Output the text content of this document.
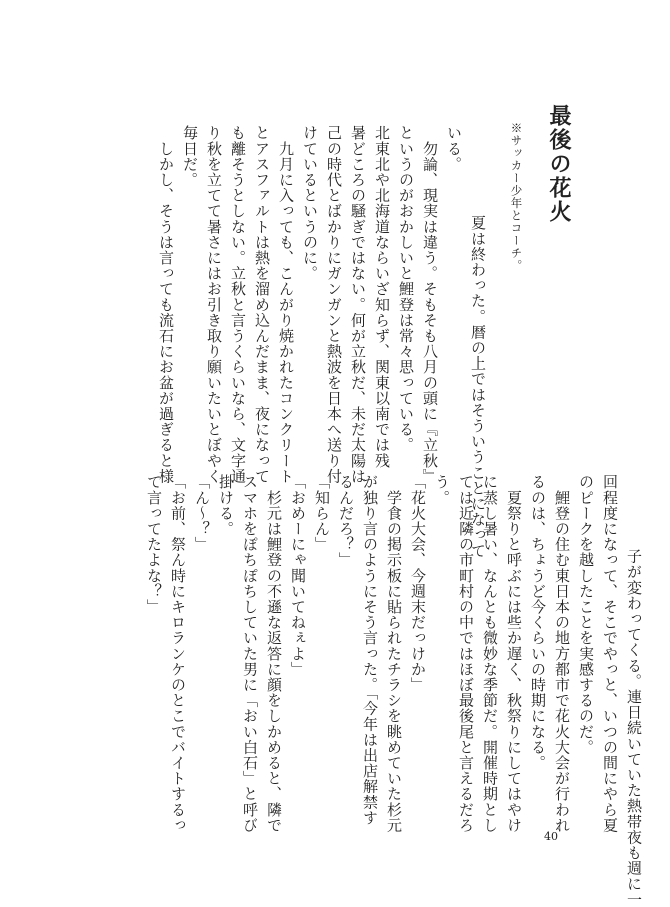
最後の花火
※サッカー少年とコーチ。

　夏は終わった。暦の上ではそういうことになって
いる。
　勿論、現実は違う。そもそも八月の頭に『立秋』
というのがおかしいと鯉登は常々思っている。
北東北や北海道ならいざ知らず、関東以南では残
暑どころの騒ぎではない。何が立秋だ、未だ太陽は
己の時代とばかりにガンガンと熱波を日本へ送り付
けているというのに。
　九月に入っても、こんがり焼かれたコンクリート
とアスファルトは熱を溜め込んだまま、夜になって
も離そうとしない。立秋と言うくらいなら、文字通
り秋を立てて暑さにはお引き取り願いたいとぼやく
毎日だ。
　しかし、そうは言っても流石にお盆が過ぎると様

子が変わってくる。連日続いていた熱帯夜も週に一
回程度になって、そこでやっと、いつの間にやら夏
のピークを越したことを実感するのだ。
　鯉登の住む東日本の地方都市で花火大会が行われ
るのは、ちょうど今くらいの時期になる。
　夏祭りと呼ぶには些か遅く、秋祭りにしてはやけ
に蒸し暑い、なんとも微妙な季節だ。開催時期とし
ては近隣の市町村の中ではほぼ最後尾と言えるだろ
う。
「花火大会、今週末だっけか」
　学食の掲示板に貼られたチラシを眺めていた杉元
が独り言のようにそう言った。「今年は出店解禁す
るんだろ？」
「知らん」
「おめーにゃ聞いてねぇよ」
　杉元は鯉登の不遜な返答に顔をしかめると、隣で
スマホをぽちぽちしていた男に「おい白石」と呼び
掛ける。
「ん〜？」
「お前、祭ん時にキロランケのとこでバイトするっ
て言ってたよな？」

40
